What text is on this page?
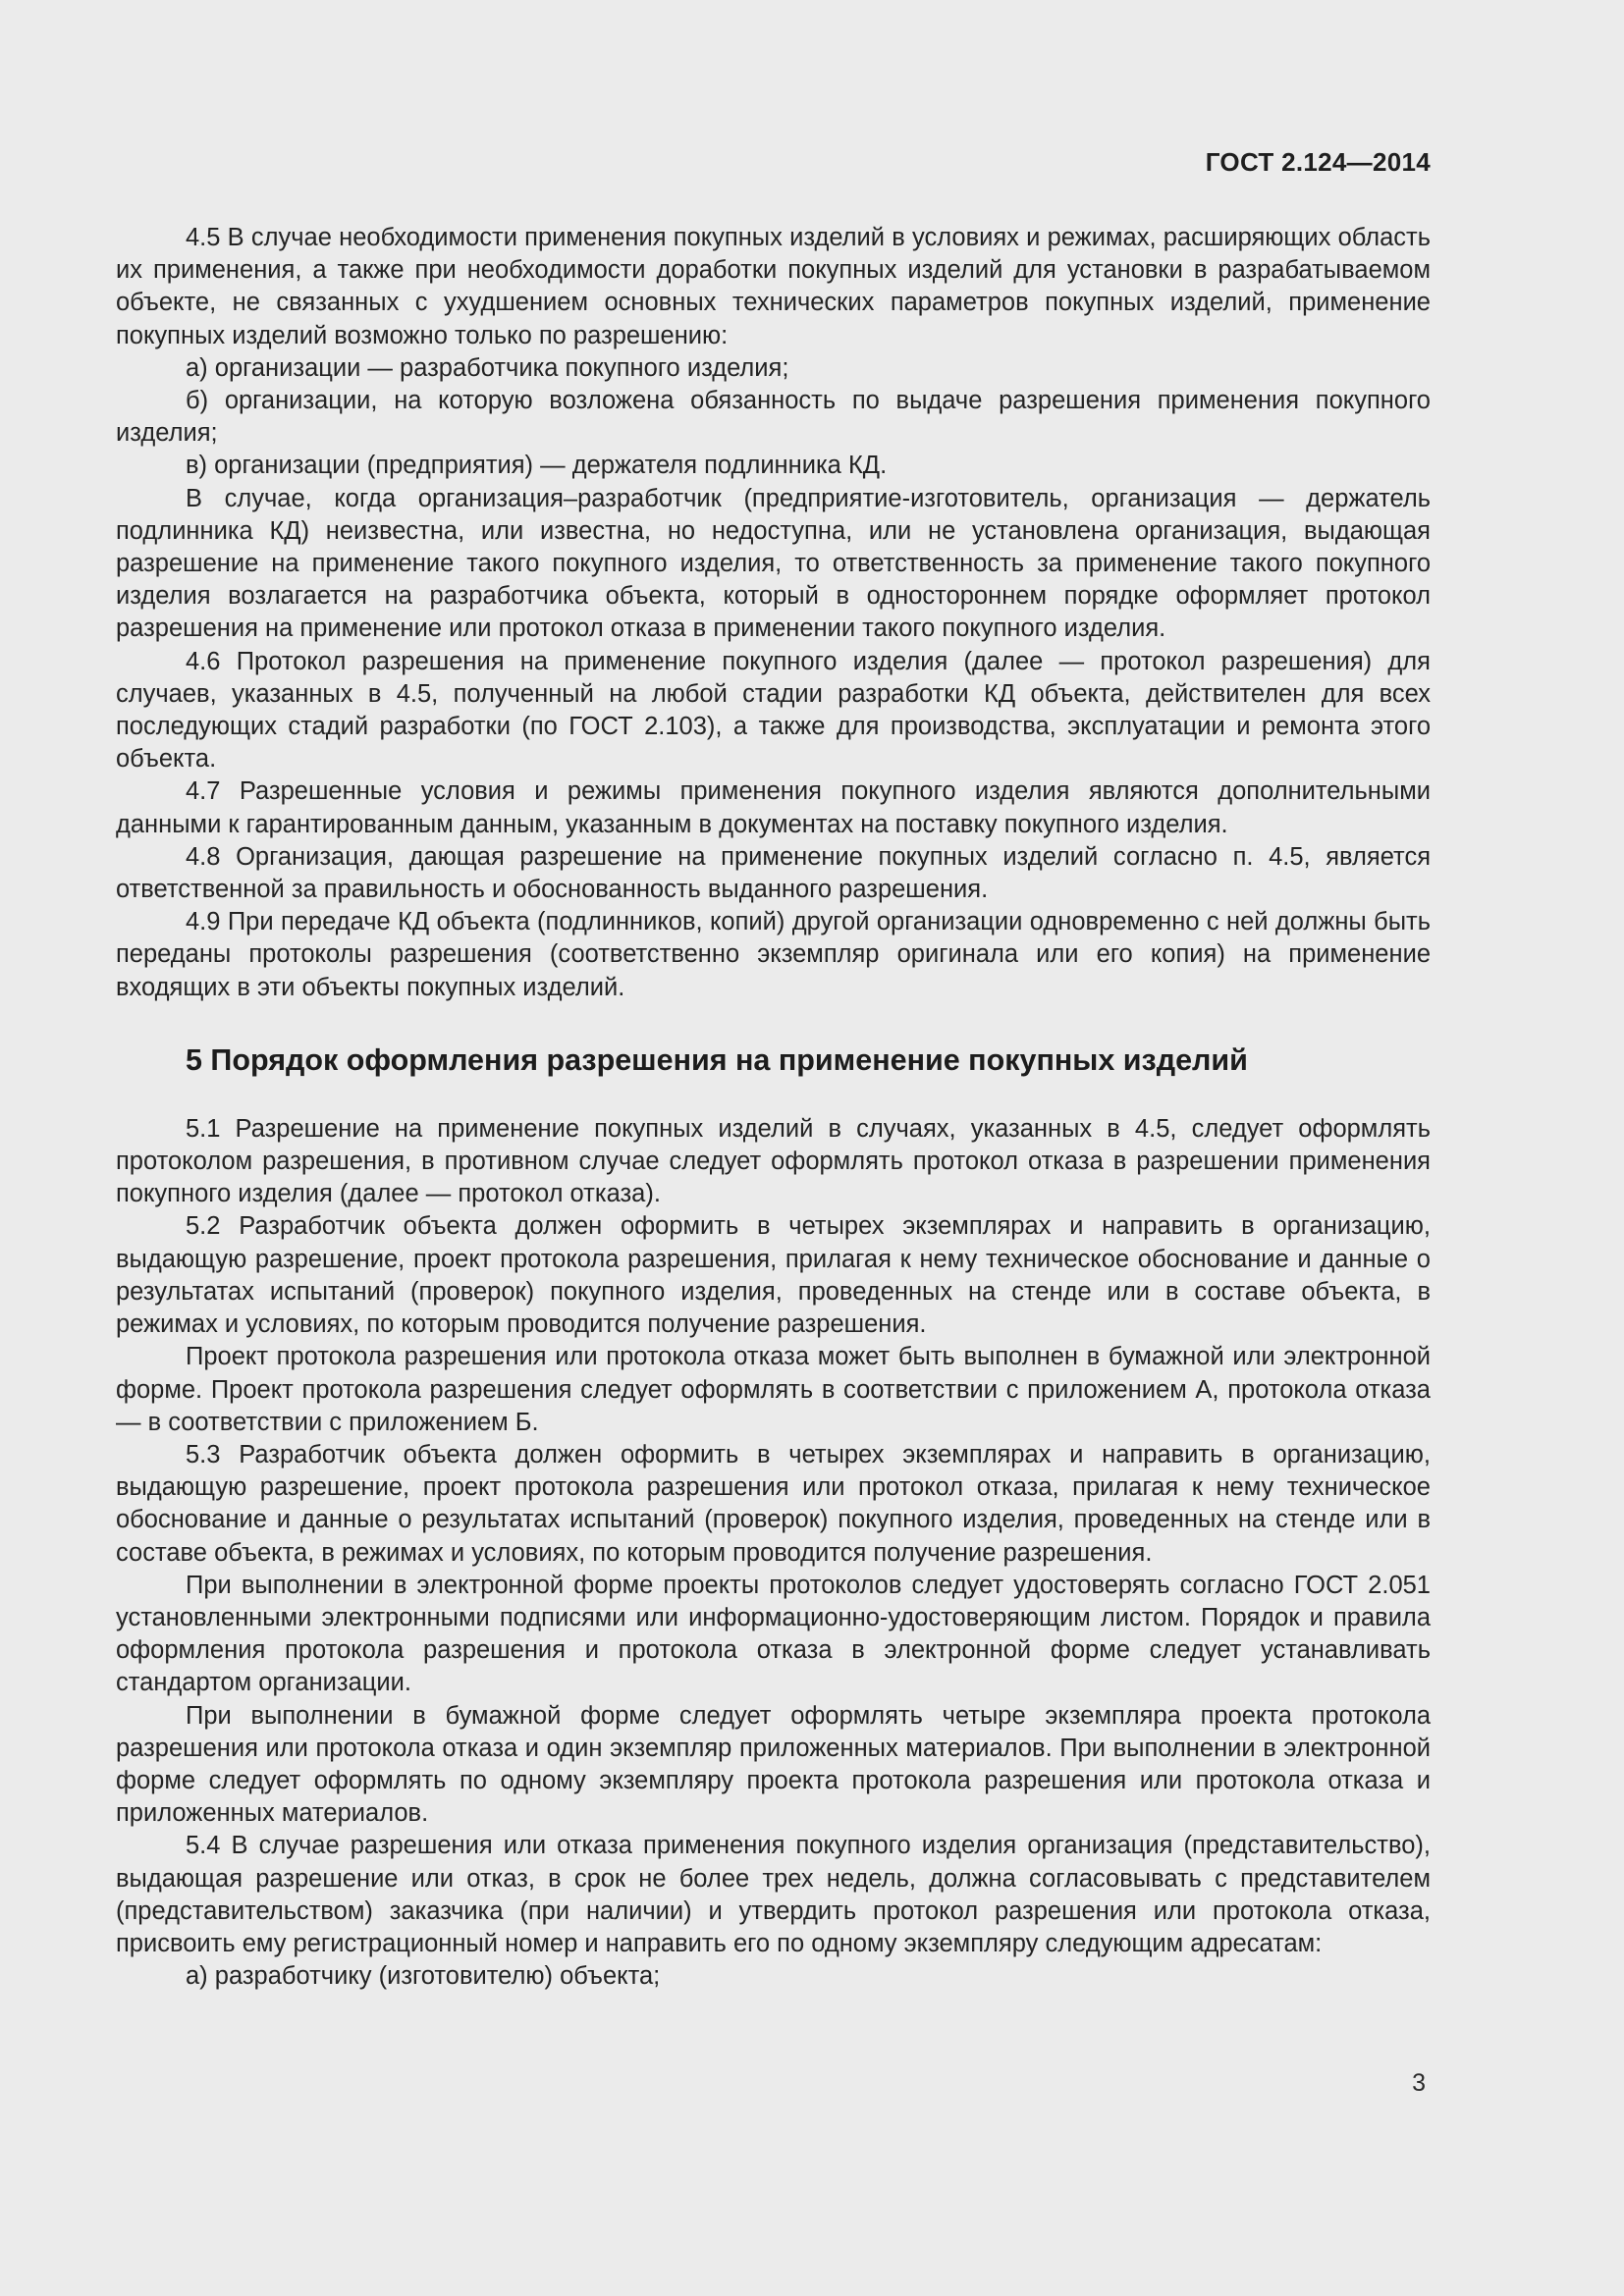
ГОСТ 2.124—2014

4.5 В случае необходимости применения покупных изделий в условиях и режимах, расширяющих область их применения, а также при необходимости доработки покупных изделий для установки в разрабатываемом объекте, не связанных с ухудшением основных технических параметров покупных изделий, применение покупных изделий возможно только по разрешению:

а) организации — разработчика покупного изделия;

б) организации, на которую возложена обязанность по выдаче разрешения применения покупного изделия;

в) организации (предприятия) — держателя подлинника КД.

В случае, когда организация–разработчик (предприятие-изготовитель, организация — держатель подлинника КД) неизвестна, или известна, но недоступна, или не установлена организация, выдающая разрешение на применение такого покупного изделия, то ответственность за применение такого покупного изделия возлагается на разработчика объекта, который в одностороннем порядке оформляет протокол разрешения на применение или протокол отказа в применении такого покупного изделия.

4.6 Протокол разрешения на применение покупного изделия (далее — протокол разрешения) для случаев, указанных в 4.5, полученный на любой стадии разработки КД объекта, действителен для всех последующих стадий разработки (по ГОСТ 2.103), а также для производства, эксплуатации и ремонта этого объекта.

4.7 Разрешенные условия и режимы применения покупного изделия являются дополнительными данными к гарантированным данным, указанным в документах на поставку покупного изделия.

4.8 Организация, дающая разрешение на применение покупных изделий согласно п. 4.5, является ответственной за правильность и обоснованность выданного разрешения.

4.9 При передаче КД объекта (подлинников, копий) другой организации одновременно с ней должны быть переданы протоколы разрешения (соответственно экземпляр оригинала или его копия) на применение входящих в эти объекты покупных изделий.

5 Порядок оформления разрешения на применение покупных изделий

5.1 Разрешение на применение покупных изделий в случаях, указанных в 4.5, следует оформлять протоколом разрешения, в противном случае следует оформлять протокол отказа в разрешении применения покупного изделия (далее — протокол отказа).

5.2 Разработчик объекта должен оформить в четырех экземплярах и направить в организацию, выдающую разрешение, проект протокола разрешения, прилагая к нему техническое обоснование и данные о результатах испытаний (проверок) покупного изделия, проведенных на стенде или в составе объекта, в режимах и условиях, по которым проводится получение разрешения.

Проект протокола разрешения или протокола отказа может быть выполнен в бумажной или электронной форме. Проект протокола разрешения следует оформлять в соответствии с приложением А, протокола отказа — в соответствии с приложением Б.

5.3 Разработчик объекта должен оформить в четырех экземплярах и направить в организацию, выдающую разрешение, проект протокола разрешения или протокол отказа, прилагая к нему техническое обоснование и данные о результатах испытаний (проверок) покупного изделия, проведенных на стенде или в составе объекта, в режимах и условиях, по которым проводится получение разрешения.

При выполнении в электронной форме проекты протоколов следует удостоверять согласно ГОСТ 2.051 установленными электронными подписями или информационно-удостоверяющим листом. Порядок и правила оформления протокола разрешения и протокола отказа в электронной форме следует устанавливать стандартом организации.

При выполнении в бумажной форме следует оформлять четыре экземпляра проекта протокола разрешения или протокола отказа и один экземпляр приложенных материалов. При выполнении в электронной форме следует оформлять по одному экземпляру проекта протокола разрешения или протокола отказа и приложенных материалов.

5.4 В случае разрешения или отказа применения покупного изделия организация (представительство), выдающая разрешение или отказ, в срок не более трех недель, должна согласовывать с представителем (представительством) заказчика (при наличии) и утвердить протокол разрешения или протокола отказа, присвоить ему регистрационный номер и направить его по одному экземпляру следующим адресатам:

а) разработчику (изготовителю) объекта;

3
